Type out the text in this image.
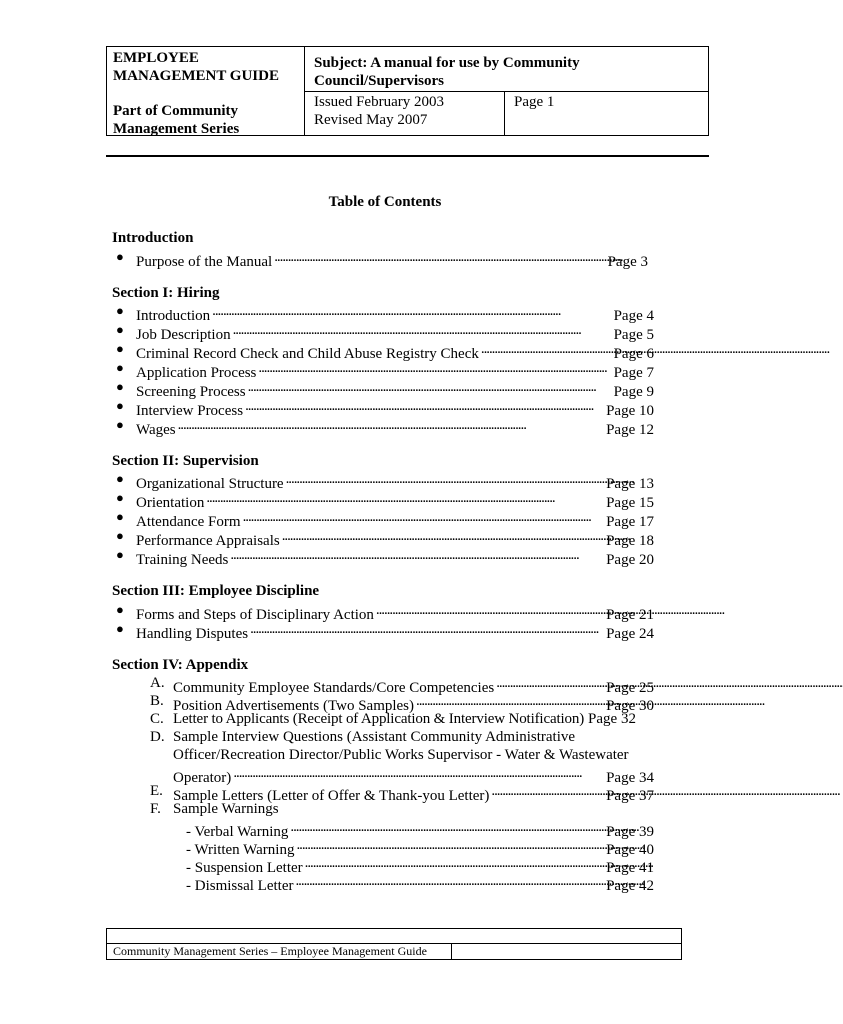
EMPLOYEE
MANAGEMENT GUIDE
Part of Community
Management Series
Subject: A manual for use by Community
Council/Supervisors
Issued February 2003
Revised May 2007
Page 1
Table of Contents
Introduction
● Purpose of the Manual . . .	Page 3
Section I: Hiring
● Introduction . . .	Page 4
● Job Description . . .	Page 5
● Criminal Record Check and Child Abuse Registry Check . . .	Page 6
● Application Process . . .	Page 7
● Screening Process . . .	Page 9
● Interview Process . . .	Page 10
● Wages . . .	Page 12
Section II: Supervision
● Organizational Structure . . .	Page 13
● Orientation . . .	Page 15
● Attendance Form . . .	Page 17
● Performance Appraisals . . .	Page 18
● Training Needs . . .	Page 20
Section III: Employee Discipline
● Forms and Steps of Disciplinary Action . . .	Page 21
● Handling Disputes . . .	Page 24
Section IV: Appendix
A. Community Employee Standards/Core Competencies . . .	Page 25
B. Position Advertisements (Two Samples) . . .	Page 30
C. Letter to Applicants (Receipt of Application & Interview Notification) Page 32
D. Sample Interview Questions (Assistant Community Administrative
Officer/Recreation Director/Public Works Supervisor - Water & Wastewater
Operator) . . .	Page 34
E. Sample Letters (Letter of Offer & Thank-you Letter) . . .	Page 37
F. Sample Warnings
- Verbal Warning . . .	Page 39
- Written Warning . . .	Page 40
- Suspension Letter . . .	Page 41
- Dismissal Letter . . .	Page 42
Community Management Series – Employee Management Guide
